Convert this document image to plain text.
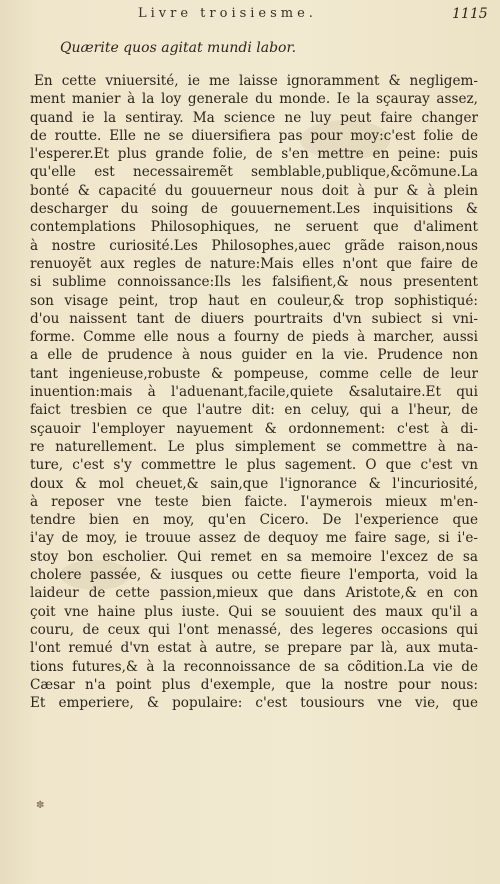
Livre troisiesme.	1115
Quærite quos agitat mundi labor.
En cette vniuersité, ie me laisse ignoramment & negligem-
ment manier à la loy generale du monde. Ie la sçauray assez,
quand ie la sentiray. Ma science ne luy peut faire changer
de routte. Elle ne se diuersifiera pas pour moy:c'est folie de
l'esperer.Et plus grande folie, de s'en mettre en peine: puis
qu'elle est necessairemẽt semblable,publique,&cõmune.La
bonté & capacité du gouuerneur nous doit à pur & à plein
descharger du soing de gouuernement.Les inquisitions &
contemplations Philosophiques, ne seruent que d'aliment
à nostre curiosité.Les Philosophes,auec grãde raison,nous
renuoyẽt aux regles de nature:Mais elles n'ont que faire de
si sublime connoissance:Ils les falsifient,& nous presentent
son visage peint, trop haut en couleur,& trop sophistiqué:
d'ou naissent tant de diuers pourtraits d'vn subiect si vni-
forme. Comme elle nous a fourny de pieds à marcher, aussi
a elle de prudence à nous guider en la vie. Prudence non
tant ingenieuse,robuste & pompeuse, comme celle de leur
inuention:mais à l'aduenant,facile,quiete &salutaire.Et qui
faict tresbien ce que l'autre dit: en celuy, qui a l'heur, de
sçauoir l'employer nayuement & ordonnement: c'est à di-
re naturellement. Le plus simplement se commettre à na-
ture, c'est s'y commettre le plus sagement. O que c'est vn
doux & mol cheuet,& sain,que l'ignorance & l'incuriosité,
à reposer vne teste bien faicte. I'aymerois mieux m'en-
tendre bien en moy, qu'en Cicero. De l'experience que
i'ay de moy, ie trouue assez de dequoy me faire sage, si i'e-
stoy bon escholier. Qui remet en sa memoire l'excez de sa
cholere passée, & iusques ou cette fieure l'emporta, void la
laideur de cette passion,mieux que dans Aristote,& en con
çoit vne haine plus iuste. Qui se souuient des maux qu'il a
couru, de ceux qui l'ont menassé, des legeres occasions qui
l'ont remué d'vn estat à autre, se prepare par là, aux muta-
tions futures,& à la reconnoissance de sa cõdition.La vie de
Cæsar n'a point plus d'exemple, que la nostre pour nous:
Et emperiere, & populaire: c'est tousiours vne vie, que
✽
